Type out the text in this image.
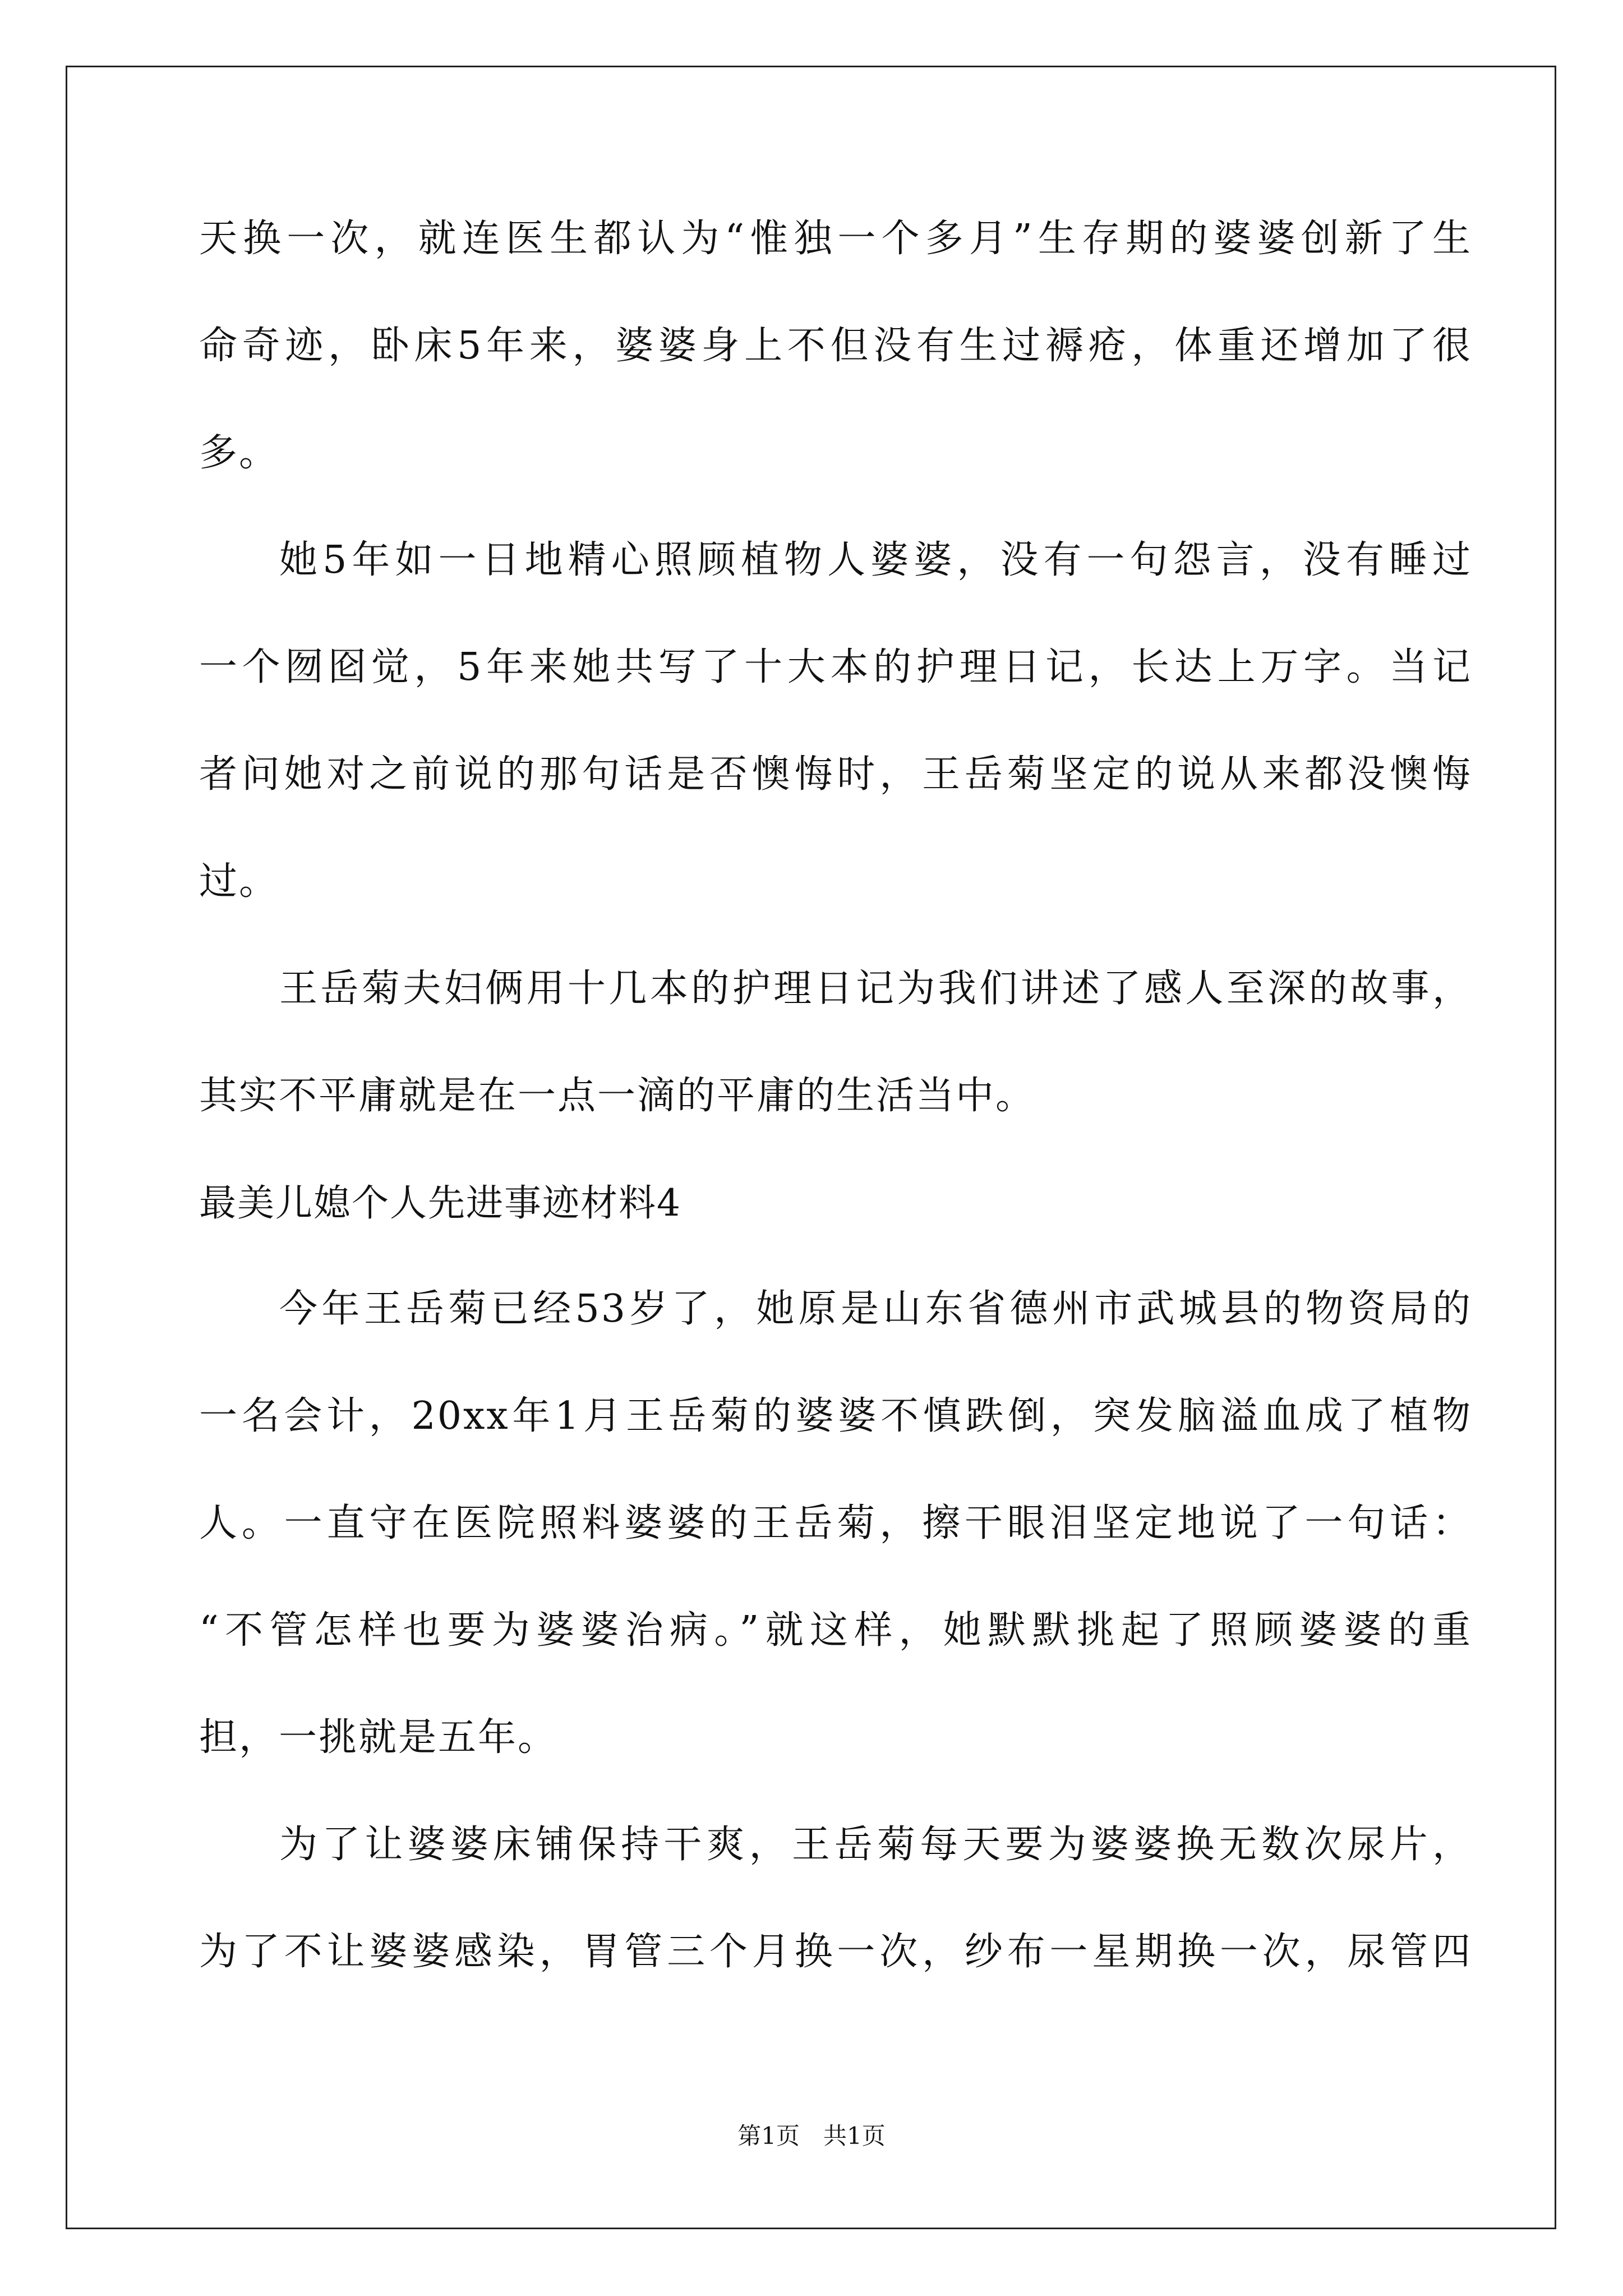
天换一次，就连医生都认为“惟独一个多月”生存期的婆婆创新了生
命奇迹，卧床5年来，婆婆身上不但没有生过褥疮，体重还增加了很
多。
她5年如一日地精心照顾植物人婆婆，没有一句怨言，没有睡过
一个囫囵觉，5年来她共写了十大本的护理日记，长达上万字。当记
者问她对之前说的那句话是否懊悔时，王岳菊坚定的说从来都没懊悔
过。
王岳菊夫妇俩用十几本的护理日记为我们讲述了感人至深的故事，
其实不平庸就是在一点一滴的平庸的生活当中。
最美儿媳个人先进事迹材料4
今年王岳菊已经53岁了，她原是山东省德州市武城县的物资局的
一名会计，20xx年1月王岳菊的婆婆不慎跌倒，突发脑溢血成了植物
人。一直守在医院照料婆婆的王岳菊，擦干眼泪坚定地说了一句话：
“不管怎样也要为婆婆治病。”就这样，她默默挑起了照顾婆婆的重
担，一挑就是五年。
为了让婆婆床铺保持干爽，王岳菊每天要为婆婆换无数次尿片，
为了不让婆婆感染，胃管三个月换一次，纱布一星期换一次，尿管四
第1页　共1页
